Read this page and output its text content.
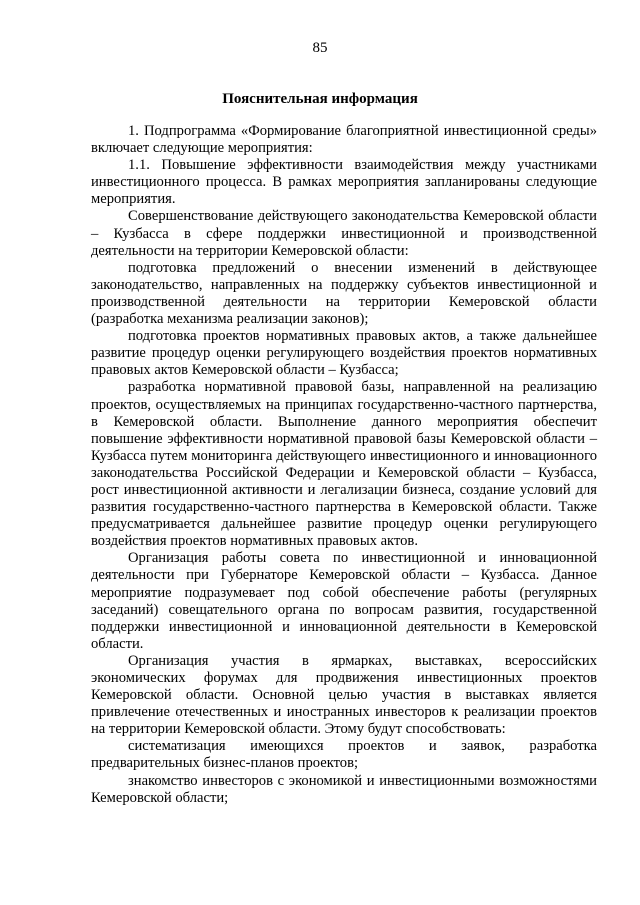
85
Пояснительная информация

1. Подпрограмма «Формирование благоприятной инвестиционной среды» включает следующие мероприятия:

1.1. Повышение эффективности взаимодействия между участниками инвестиционного процесса. В рамках мероприятия запланированы следующие мероприятия.

Совершенствование действующего законодательства Кемеровской области – Кузбасса в сфере поддержки инвестиционной и производственной деятельности на территории Кемеровской области:

подготовка предложений о внесении изменений в действующее законодательство, направленных на поддержку субъектов инвестиционной и производственной деятельности на территории Кемеровской области (разработка механизма реализации законов);

подготовка проектов нормативных правовых актов, а также дальнейшее развитие процедур оценки регулирующего воздействия проектов нормативных правовых актов Кемеровской области – Кузбасса;

разработка нормативной правовой базы, направленной на реализацию проектов, осуществляемых на принципах государственно-частного партнерства, в Кемеровской области. Выполнение данного мероприятия обеспечит повышение эффективности нормативной правовой базы Кемеровской области – Кузбасса путем мониторинга действующего инвестиционного и инновационного законодательства Российской Федерации и Кемеровской области – Кузбасса, рост инвестиционной активности и легализации бизнеса, создание условий для развития государственно-частного партнерства в Кемеровской области. Также предусматривается дальнейшее развитие процедур оценки регулирующего воздействия проектов нормативных правовых актов.

Организация работы совета по инвестиционной и инновационной деятельности при Губернаторе Кемеровской области – Кузбасса. Данное мероприятие подразумевает под собой обеспечение работы (регулярных заседаний) совещательного органа по вопросам развития, государственной поддержки инвестиционной и инновационной деятельности в Кемеровской области.

Организация участия в ярмарках, выставках, всероссийских экономических форумах для продвижения инвестиционных проектов Кемеровской области. Основной целью участия в выставках является привлечение отечественных и иностранных инвесторов к реализации проектов на территории Кемеровской области. Этому будут способствовать:

систематизация имеющихся проектов и заявок, разработка предварительных бизнес-планов проектов;

знакомство инвесторов с экономикой и инвестиционными возможностями Кемеровской области;
